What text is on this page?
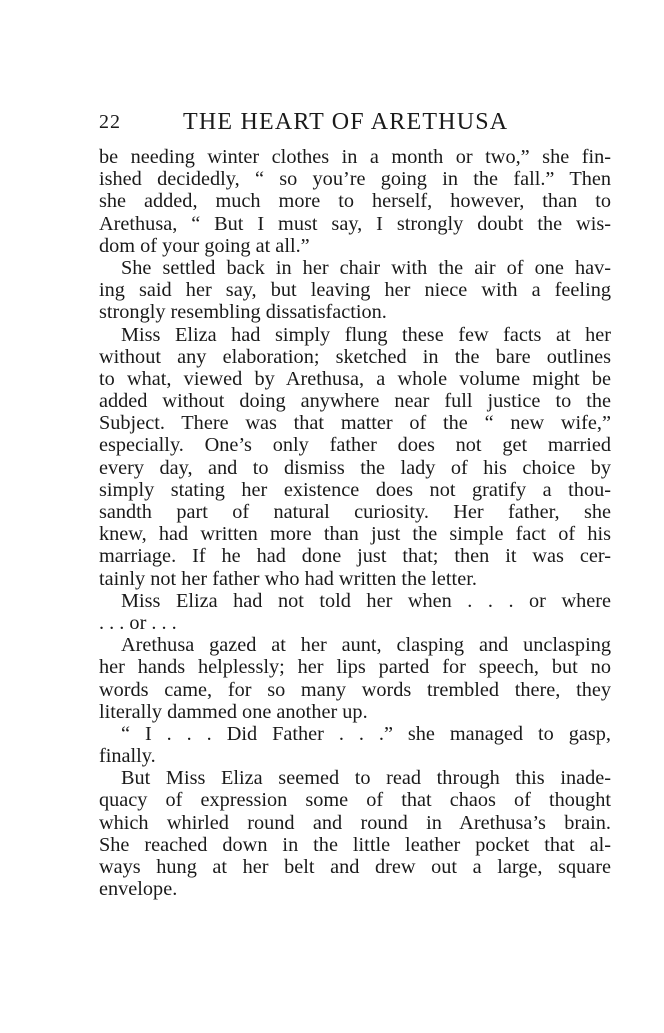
22	THE HEART OF ARETHUSA
be needing winter clothes in a month or two,” she fin-
ished decidedly, “ so you’re going in the fall.” Then
she added, much more to herself, however, than to
Arethusa, “ But I must say, I strongly doubt the wis-
dom of your going at all.”
She settled back in her chair with the air of one hav-
ing said her say, but leaving her niece with a feeling
strongly resembling dissatisfaction.
Miss Eliza had simply flung these few facts at her
without any elaboration; sketched in the bare outlines
to what, viewed by Arethusa, a whole volume might be
added without doing anywhere near full justice to the
Subject. There was that matter of the “ new wife,”
especially. One’s only father does not get married
every day, and to dismiss the lady of his choice by
simply stating her existence does not gratify a thou-
sandth part of natural curiosity. Her father, she
knew, had written more than just the simple fact of his
marriage. If he had done just that; then it was cer-
tainly not her father who had written the letter.
Miss Eliza had not told her when . . . or where
. . . or . . .
Arethusa gazed at her aunt, clasping and unclasping
her hands helplessly; her lips parted for speech, but no
words came, for so many words trembled there, they
literally dammed one another up.
“ I . . . Did Father . . .” she managed to gasp,
finally.
But Miss Eliza seemed to read through this inade-
quacy of expression some of that chaos of thought
which whirled round and round in Arethusa’s brain.
She reached down in the little leather pocket that al-
ways hung at her belt and drew out a large, square
envelope.
